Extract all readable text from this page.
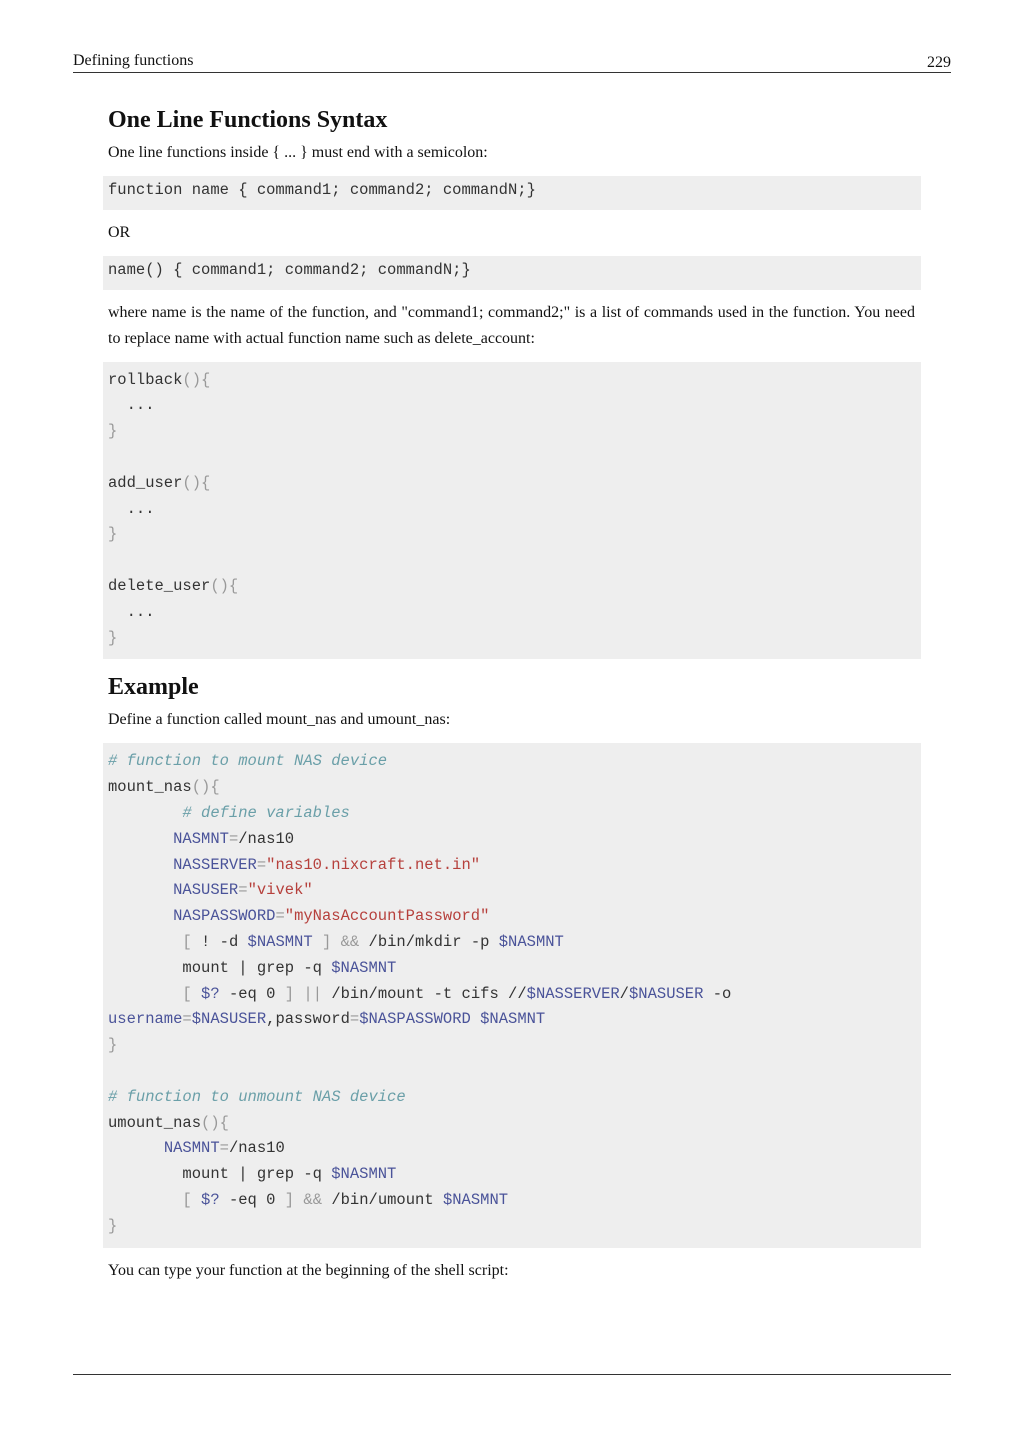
Defining functions	229
One Line Functions Syntax

One line functions inside { ... } must end with a semicolon:

function name { command1; command2; commandN;}

OR

name() { command1; command2; commandN;}

where name is the name of the function, and "command1; command2;" is a list of commands used in the function. You need to replace name with actual function name such as delete_account:

rollback(){
...
}

add_user(){
...
}

delete_user(){
...
}
Example

Define a function called mount_nas and umount_nas:

# function to mount NAS device
mount_nas(){
# define variables
NASMNT=/nas10
NASSERVER="nas10.nixcraft.net.in"
NASUSER="vivek"
NASPASSWORD="myNasAccountPassword"
[ ! -d $NASMNT ] && /bin/mkdir -p $NASMNT
mount | grep -q $NASMNT
[ $? -eq 0 ] || /bin/mount -t cifs //$NASSERVER/$NASUSER -o
username=$NASUSER,password=$NASPASSWORD $NASMNT
}

# function to unmount NAS device
umount_nas(){
NASMNT=/nas10
mount | grep -q $NASMNT
[ $? -eq 0 ] && /bin/umount $NASMNT
}

You can type your function at the beginning of the shell script:
